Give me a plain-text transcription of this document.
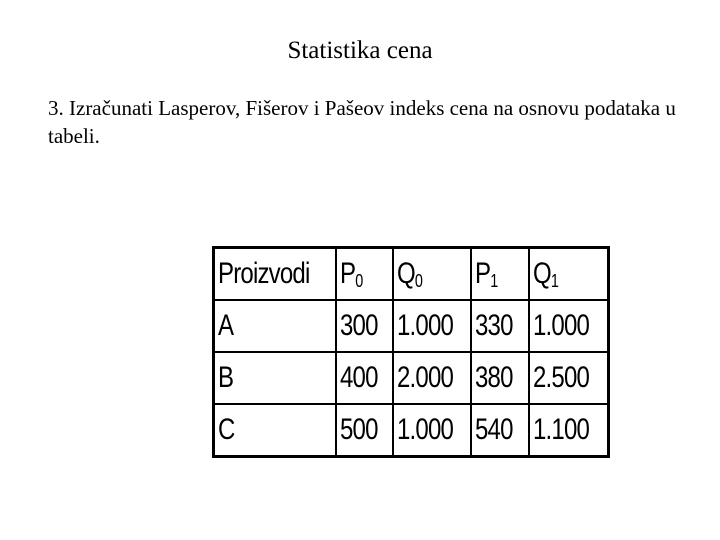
Statistika cena
3. Izračunati Lasperov, Fišerov i Pašeov indeks cena na osnovu podataka u tabeli.
Proizvodi	$P_0$	$Q_0$	$P_1$	$Q_1$
A	300	1.000	330	1.000
B	400	2.000	380	2.500
C	500	1.000	540	1.100
